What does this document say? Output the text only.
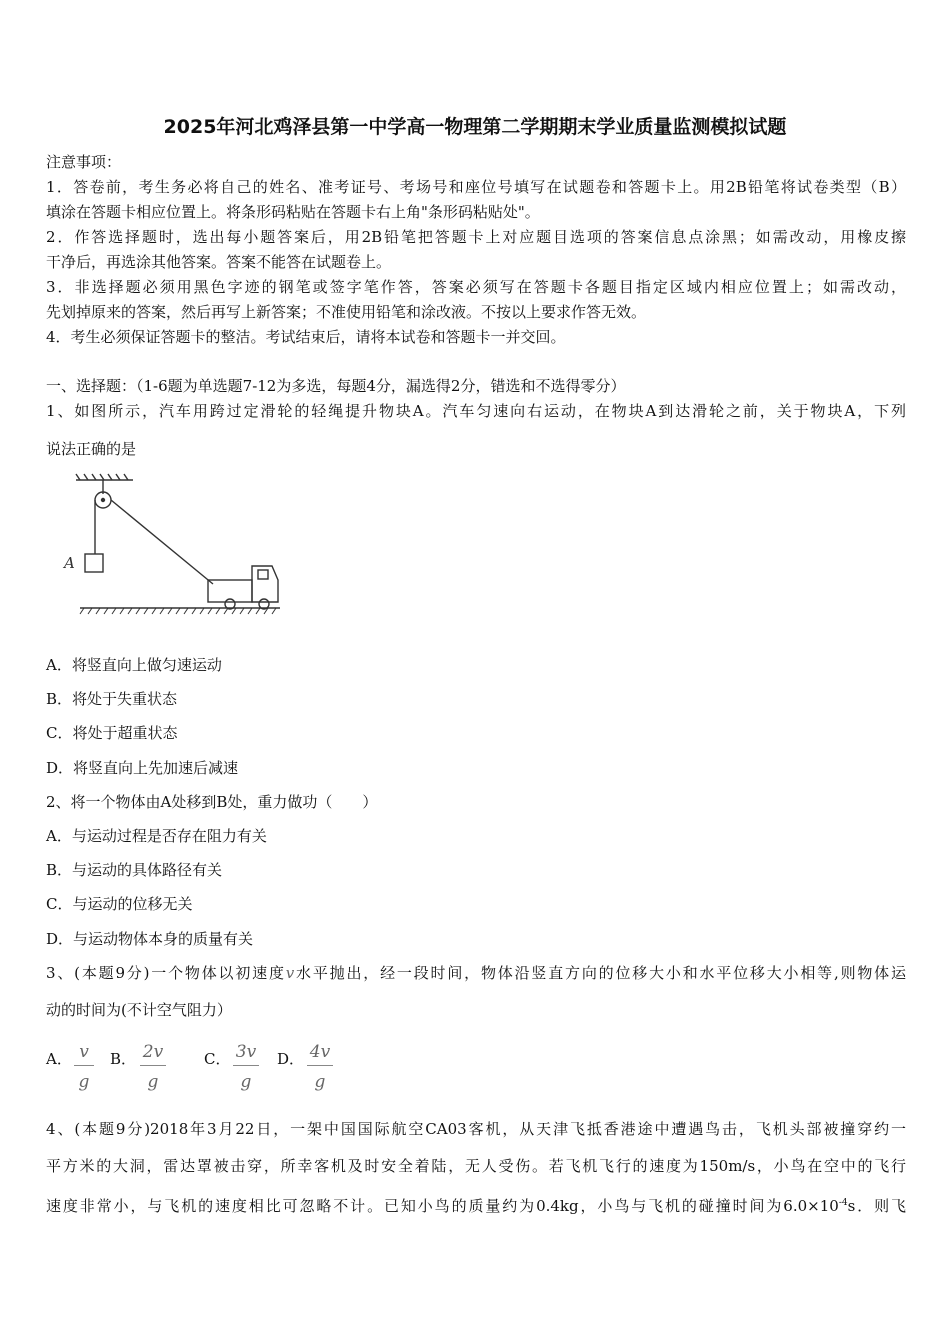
2025年河北鸡泽县第一中学高一物理第二学期期末学业质量监测模拟试题
注意事项：
1．答卷前，考生务必将自己的姓名、准考证号、考场号和座位号填写在试题卷和答题卡上。用2B铅笔将试卷类型（B）
填涂在答题卡相应位置上。将条形码粘贴在答题卡右上角"条形码粘贴处"。
2．作答选择题时，选出每小题答案后，用2B铅笔把答题卡上对应题目选项的答案信息点涂黑；如需改动，用橡皮擦
干净后，再选涂其他答案。答案不能答在试题卷上。
3．非选择题必须用黑色字迹的钢笔或签字笔作答，答案必须写在答题卡各题目指定区域内相应位置上；如需改动，
先划掉原来的答案，然后再写上新答案；不准使用铅笔和涂改液。不按以上要求作答无效。
4．考生必须保证答题卡的整洁。考试结束后，请将本试卷和答题卡一并交回。
一、选择题：（1-6题为单选题7-12为多选，每题4分，漏选得2分，错选和不选得零分）
1、如图所示，汽车用跨过定滑轮的轻绳提升物块A。汽车匀速向右运动，在物块A到达滑轮之前，关于物块A，下列
说法正确的是
A
A．将竖直向上做匀速运动
B．将处于失重状态
C．将处于超重状态
D．将竖直向上先加速后减速
2、将一个物体由A处移到B处，重力做功（　　）
A．与运动过程是否存在阻力有关
B．与运动的具体路径有关
C．与运动的位移无关
D．与运动物体本身的质量有关
3、(本题9分)一个物体以初速度v水平抛出，经一段时间，物体沿竖直方向的位移大小和水平位移大小相等,则物体运
动的时间为(不计空气阻力）
A． $\frac{v}{g}$ B． $\frac{2v}{g}$	C． $\frac{3v}{g}$ D． $\frac{4v}{g}$
4、(本题9分)2018年3月22日，一架中国国际航空CA03客机，从天津飞抵香港途中遭遇鸟击，飞机头部被撞穿约一
平方米的大洞，雷达罩被击穿，所幸客机及时安全着陆，无人受伤。若飞机飞行的速度为150m/s，小鸟在空中的飞行
速度非常小，与飞机的速度相比可忽略不计。已知小鸟的质量约为0.4kg，小鸟与飞机的碰撞时间为$6.0\times 10^{-4}s$．则飞
